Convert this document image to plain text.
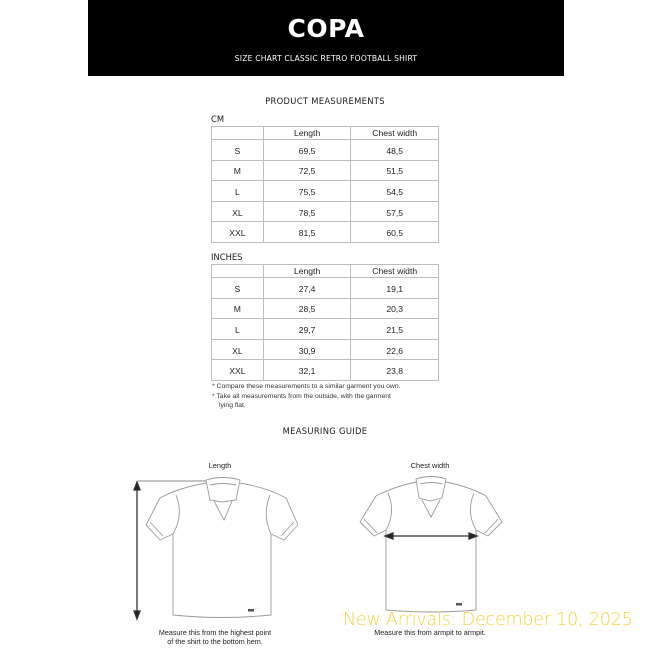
COPA
SIZE CHART CLASSIC RETRO FOOTBALL SHIRT
PRODUCT MEASUREMENTS
CM
	Length	Chest width
S	69,5	48,5
M	72,5	51,5
L	75,5	54,5
XL	78,5	57,5
XXL	81,5	60,5
INCHES
	Length	Chest width
S	27,4	19,1
M	28,5	20,3
L	29,7	21,5
XL	30,9	22,6
XXL	32,1	23,8
* Compare these measurements to a similar garment you own.
* Take all measurements from the outside, with the garment
lying flat.
MEASURING GUIDE
Length
Measure this from the highest point
of the shirt to the bottom hem.
Chest width
Measure this from armpit to armpit.
New Arrivals: December 10, 2025
